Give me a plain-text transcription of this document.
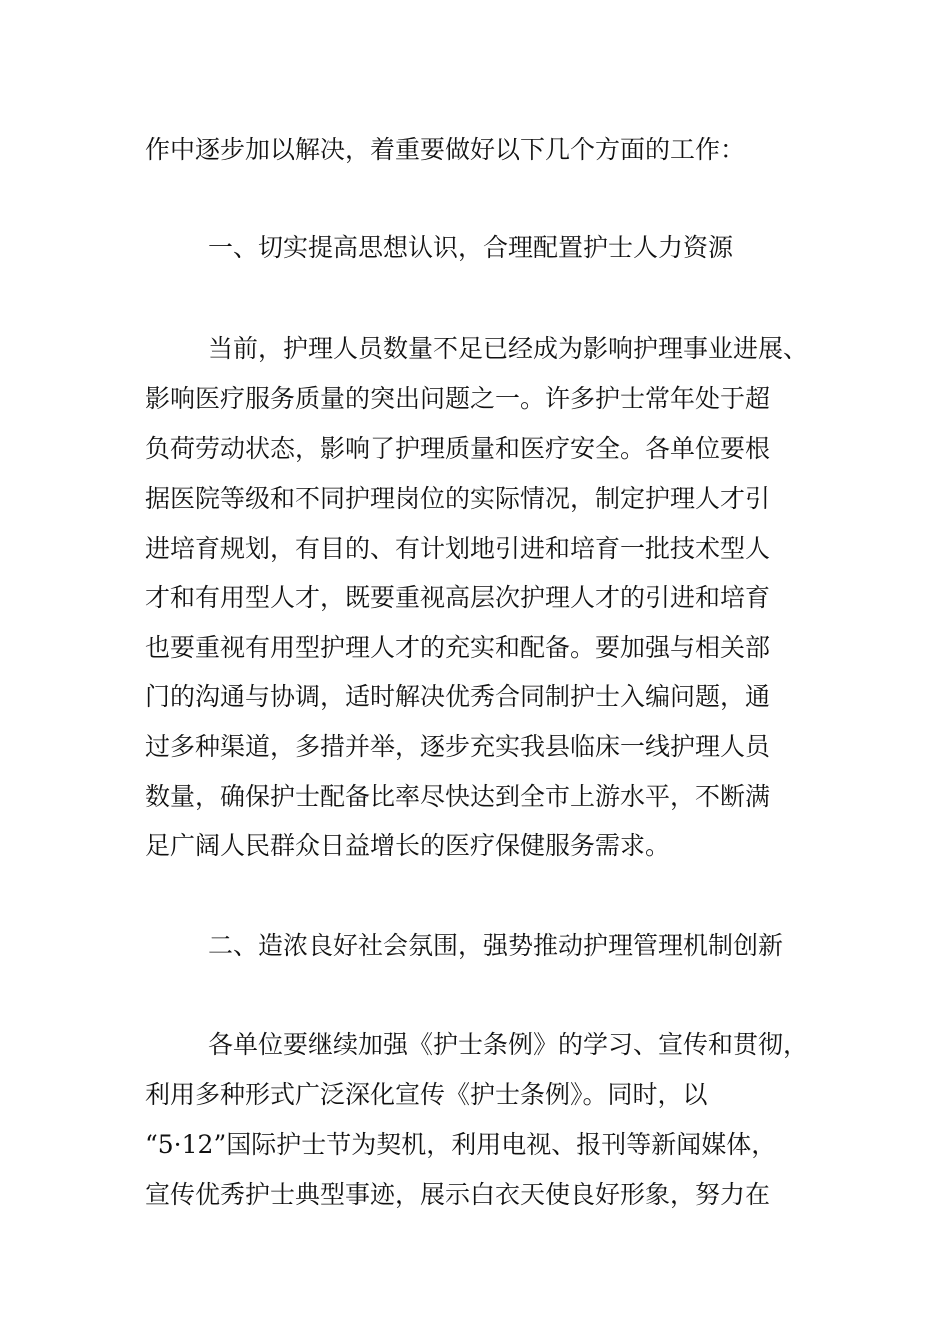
作中逐步加以解决，着重要做好以下几个方面的工作：

一、切实提高思想认识，合理配置护士人力资源

当前，护理人员数量不足已经成为影响护理事业进展、

影响医疗服务质量的突出问题之一。许多护士常年处于超

负荷劳动状态，影响了护理质量和医疗安全。各单位要根

据医院等级和不同护理岗位的实际情况，制定护理人才引

进培育规划，有目的、有计划地引进和培育一批技术型人

才和有用型人才，既要重视高层次护理人才的引进和培育

也要重视有用型护理人才的充实和配备。要加强与相关部

门的沟通与协调，适时解决优秀合同制护士入编问题，通

过多种渠道，多措并举，逐步充实我县临床一线护理人员

数量，确保护士配备比率尽快达到全市上游水平，不断满

足广阔人民群众日益增长的医疗保健服务需求。

二、造浓良好社会氛围，强势推动护理管理机制创新

各单位要继续加强《护士条例》的学习、宣传和贯彻，

利用多种形式广泛深化宣传《护士条例》。同时，以

“5·12”国际护士节为契机，利用电视、报刊等新闻媒体，

宣传优秀护士典型事迹，展示白衣天使良好形象，努力在
